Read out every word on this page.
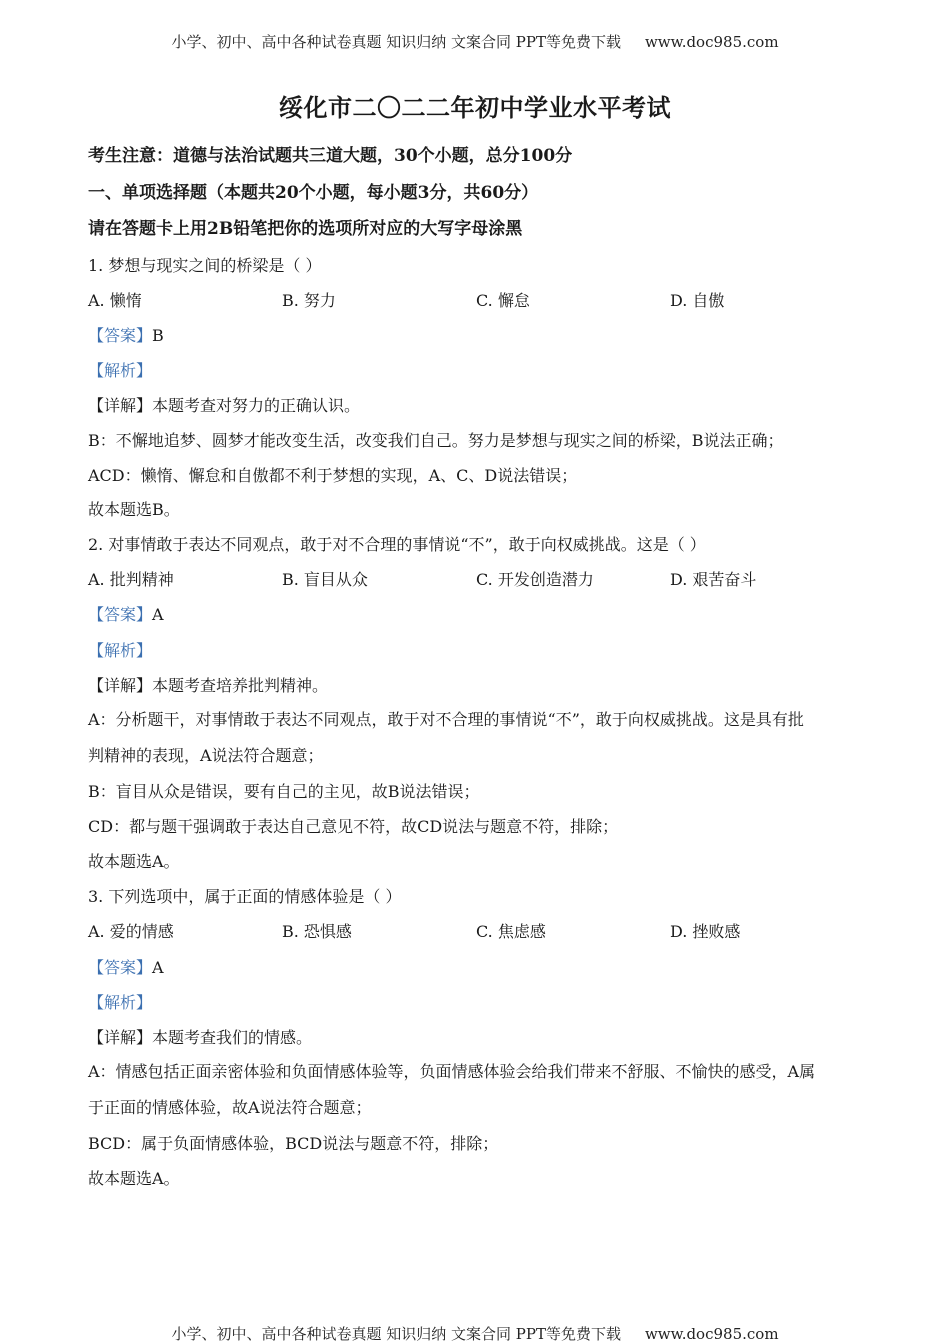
小学、初中、高中各种试卷真题 知识归纳 文案合同 PPT等免费下载 www.doc985.com
绥化市二〇二二年初中学业水平考试
考生注意：道德与法治试题共三道大题，30个小题，总分100分
一、单项选择题（本题共20个小题，每小题3分，共60分）
请在答题卡上用2B铅笔把你的选项所对应的大写字母涂黑
1. 梦想与现实之间的桥梁是（ ）
A. 懒惰	B. 努力	C. 懈怠	D. 自傲
【答案】B
【解析】
【详解】本题考查对努力的正确认识。
B：不懈地追梦、圆梦才能改变生活，改变我们自己。努力是梦想与现实之间的桥梁，B说法正确；
ACD：懒惰、懈怠和自傲都不利于梦想的实现，A、C、D说法错误；
故本题选B。
2. 对事情敢于表达不同观点，敢于对不合理的事情说“不”，敢于向权威挑战。这是（ ）
A. 批判精神	B. 盲目从众	C. 开发创造潜力	D. 艰苦奋斗
【答案】A
【解析】
【详解】本题考查培养批判精神。
A：分析题干，对事情敢于表达不同观点，敢于对不合理的事情说“不”，敢于向权威挑战。这是具有批
判精神的表现，A说法符合题意；
B：盲目从众是错误，要有自己的主见，故B说法错误；
CD：都与题干强调敢于表达自己意见不符，故CD说法与题意不符，排除；
故本题选A。
3. 下列选项中，属于正面的情感体验是（ ）
A. 爱的情感	B. 恐惧感	C. 焦虑感	D. 挫败感
【答案】A
【解析】
【详解】本题考查我们的情感。
A：情感包括正面亲密体验和负面情感体验等，负面情感体验会给我们带来不舒服、不愉快的感受，A属
于正面的情感体验，故A说法符合题意；
BCD：属于负面情感体验，BCD说法与题意不符，排除；
故本题选A。
小学、初中、高中各种试卷真题 知识归纳 文案合同 PPT等免费下载 www.doc985.com
